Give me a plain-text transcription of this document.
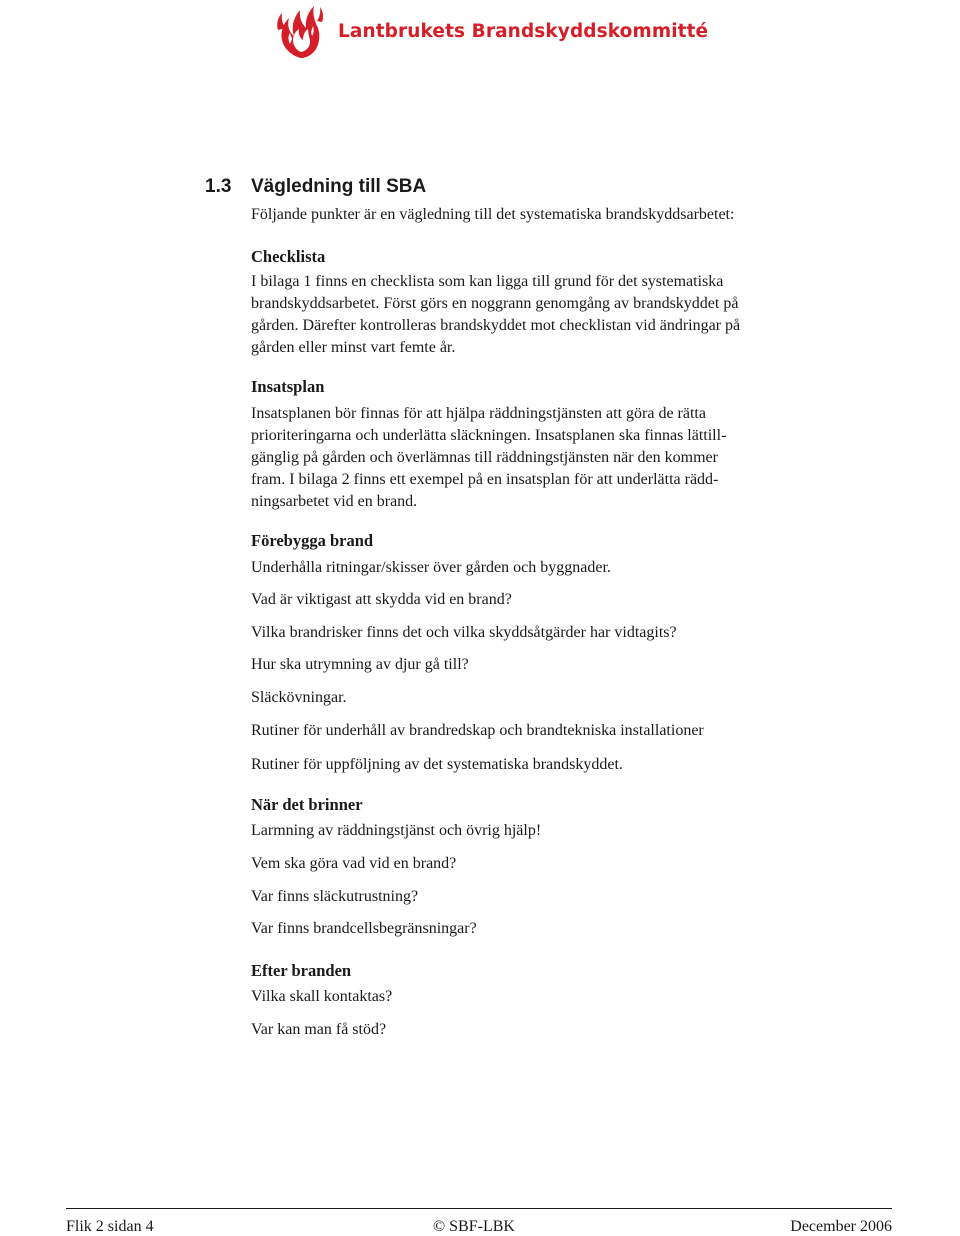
Lantbrukets Brandskyddskommitté
1.3 Vägledning till SBA
Följande punkter är en vägledning till det systematiska brandskyddsarbetet:
Checklista

I bilaga 1 finns en checklista som kan ligga till grund för det systematiska
brandskyddsarbetet. Först görs en noggrann genomgång av brandskyddet på
gården. Därefter kontrolleras brandskyddet mot checklistan vid ändringar på
gården eller minst vart femte år.

Insatsplan

Insatsplanen bör finnas för att hjälpa räddningstjänsten att göra de rätta
prioriteringarna och underlätta släckningen. Insatsplanen ska finnas lättill-
gänglig på gården och överlämnas till räddningstjänsten när den kommer
fram. I bilaga 2 finns ett exempel på en insatsplan för att underlätta rädd-
ningsarbetet vid en brand.

Förebygga brand
Underhålla ritningar/skisser över gården och byggnader.
Vad är viktigast att skydda vid en brand?
Vilka brandrisker finns det och vilka skyddsåtgärder har vidtagits?
Hur ska utrymning av djur gå till?
Släckövningar.
Rutiner för underhåll av brandredskap och brandtekniska installationer
Rutiner för uppföljning av det systematiska brandskyddet.
När det brinner
Larmning av räddningstjänst och övrig hjälp!
Vem ska göra vad vid en brand?
Var finns släckutrustning?
Var finns brandcellsbegränsningar?
Efter branden
Vilka skall kontaktas?
Var kan man få stöd?
Flik 2 sidan 4	© SBF-LBK	December 2006
